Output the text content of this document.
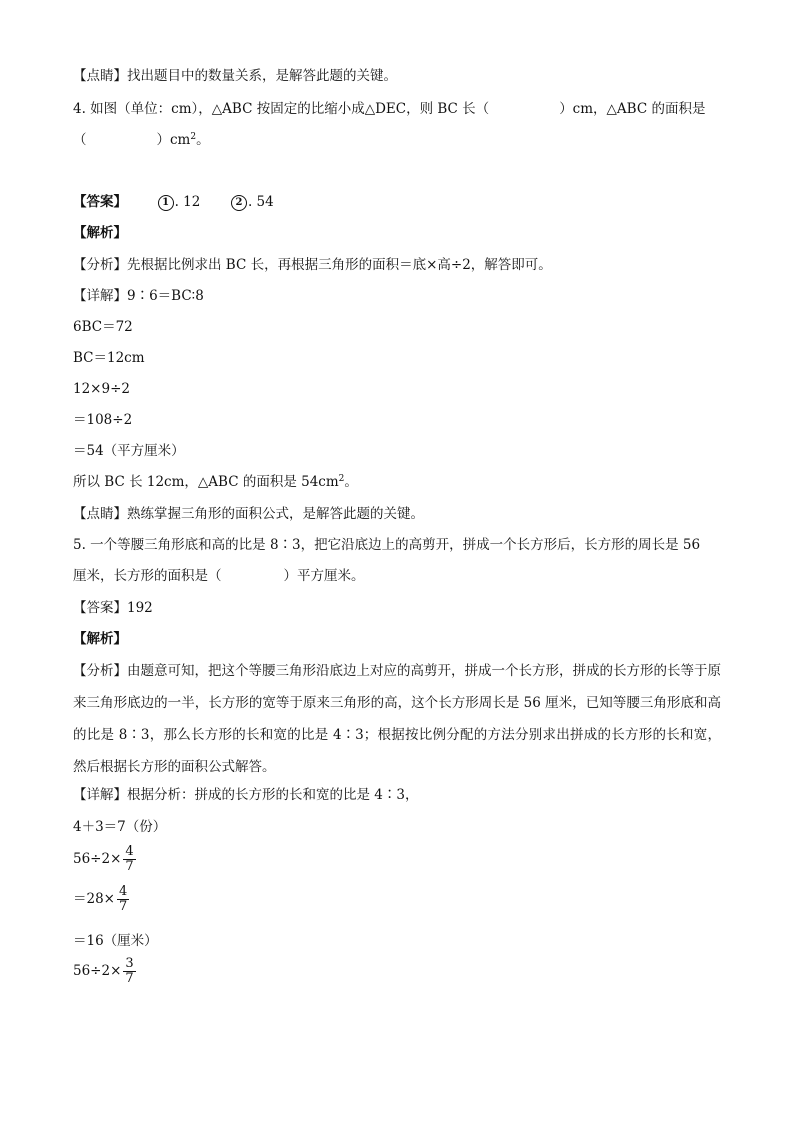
【点睛】找出题目中的数量关系，是解答此题的关键。
4. 如图（单位：cm），△ABC 按固定的比缩小成△DEC，则 BC 长（	）cm，△ABC 的面积是
（	）$cm^2$。
【答案】	1 . 12	2 . 54
【解析】
【分析】先根据比例求出 BC 长，再根据三角形的面积＝底×高÷2，解答即可。
【详解】9∶6＝BC∶8
6BC＝72
BC＝12cm
12×9÷2
＝108÷2
＝54（平方厘米）
所以 BC 长 12cm，△ABC 的面积是 $54cm^2$。
【点睛】熟练掌握三角形的面积公式，是解答此题的关键。
5. 一个等腰三角形底和高的比是 8∶3，把它沿底边上的高剪开，拼成一个长方形后，长方形的周长是 56
厘米，长方形的面积是（	）平方厘米。
【答案】192
【解析】
【分析】由题意可知，把这个等腰三角形沿底边上对应的高剪开，拼成一个长方形，拼成的长方形的长等于原来三角形底边的一半，长方形的宽等于原来三角形的高，这个长方形周长是 56 厘米，已知等腰三角形底和高的比是 8∶3，那么长方形的长和宽的比是 4∶3；根据按比例分配的方法分别求出拼成的长方形的长和宽，然后根据长方形的面积公式解答。
【详解】根据分析：拼成的长方形的长和宽的比是 4∶3，
4＋3＝7（份）
$56\div 2\times \frac{4}{7}$
$=28\times \frac{4}{7}$
＝16（厘米）
$56\div 2\times \frac{3}{7}$
